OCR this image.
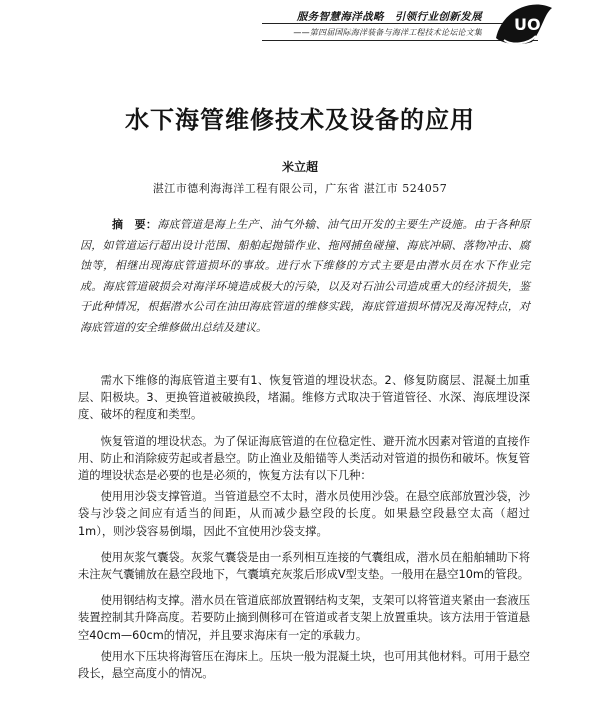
服务智慧海洋战略　引领行业创新发展
——第四届国际海洋装备与海洋工程技术论坛论文集 UO
水下海管维修技术及设备的应用
米立超
湛江市德利海海洋工程有限公司，广东省 湛江市 524057
摘　要：海底管道是海上生产、油气外输、油气田开发的主要生产设施。由于各种原因，如管道运行超出设计范围、船舶起抛锚作业、拖网捕鱼碰撞、海底冲刷、落物冲击、腐蚀等，相继出现海底管道损坏的事故。进行水下维修的方式主要是由潜水员在水下作业完成。海底管道破损会对海洋环境造成极大的污染，以及对石油公司造成重大的经济损失，鉴于此种情况，根据潜水公司在油田海底管道的维修实践，海底管道损坏情况及海况特点，对海底管道的安全维修做出总结及建议。

需水下维修的海底管道主要有1、恢复管道的埋设状态。2、修复防腐层、混凝土加重层、阳极块。3、更换管道被破换段，堵漏。维修方式取决于管道管径、水深、海底埋设深度、破坏的程度和类型。

恢复管道的埋设状态。为了保证海底管道的在位稳定性、避开流水因素对管道的直接作用、防止和消除疲劳起或者悬空。防止渔业及船锚等人类活动对管道的损伤和破坏。恢复管道的埋设状态是必要的也是必须的，恢复方法有以下几种：

使用用沙袋支撑管道。当管道悬空不太时，潜水员使用沙袋。在悬空底部放置沙袋，沙袋与沙袋之间应有适当的间距，从而减少悬空段的长度。如果悬空段悬空太高（超过1m），则沙袋容易倒塌，因此不宜使用沙袋支撑。

使用灰浆气囊袋。灰浆气囊袋是由一系列相互连接的气囊组成，潜水员在船舶辅助下将未注灰气囊铺放在悬空段地下，气囊填充灰浆后形成V型支垫。一般用在悬空10m的管段。

使用钢结构支撑。潜水员在管道底部放置钢结构支架，支架可以将管道夹紧由一套液压装置控制其升降高度。若要防止摘到侧移可在管道或者支架上放置重块。该方法用于管道悬空40cm—60cm的情况，并且要求海床有一定的承载力。

使用水下压块将海管压在海床上。压块一般为混凝土块，也可用其他材料。可用于悬空段长，悬空高度小的情况。
